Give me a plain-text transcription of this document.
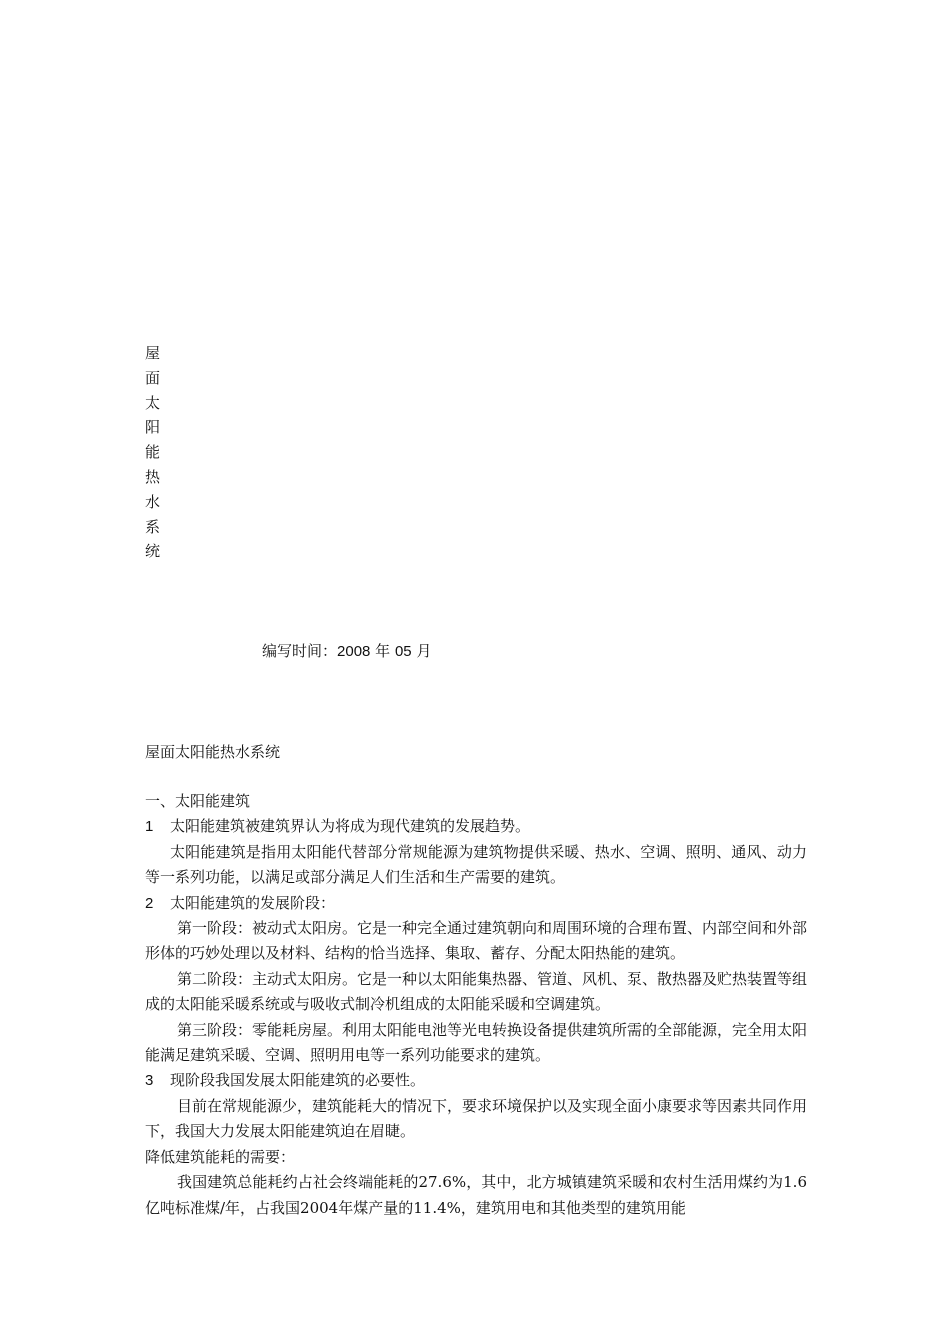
屋
面
太
阳
能
热
水
系
统
编写时间：2008 年 05 月
屋面太阳能热水系统

一、太阳能建筑

1 太阳能建筑被建筑界认为将成为现代建筑的发展趋势。

太阳能建筑是指用太阳能代替部分常规能源为建筑物提供采暖、热水、空调、照明、通风、动力等一系列功能，以满足或部分满足人们生活和生产需要的建筑。

2 太阳能建筑的发展阶段：

第一阶段：被动式太阳房。它是一种完全通过建筑朝向和周围环境的合理布置、内部空间和外部形体的巧妙处理以及材料、结构的恰当选择、集取、蓄存、分配太阳热能的建筑。

第二阶段：主动式太阳房。它是一种以太阳能集热器、管道、风机、泵、散热器及贮热装置等组成的太阳能采暖系统或与吸收式制冷机组成的太阳能采暖和空调建筑。

第三阶段：零能耗房屋。利用太阳能电池等光电转换设备提供建筑所需的全部能源，完全用太阳能满足建筑采暖、空调、照明用电等一系列功能要求的建筑。

3 现阶段我国发展太阳能建筑的必要性。

目前在常规能源少，建筑能耗大的情况下，要求环境保护以及实现全面小康要求等因素共同作用下，我国大力发展太阳能建筑迫在眉睫。

降低建筑能耗的需要：

我国建筑总能耗约占社会终端能耗的27.6%，其中，北方城镇建筑采暖和农村生活用煤约为1.6亿吨标准煤/年，占我国2004年煤产量的11.4%，建筑用电和其他类型的建筑用能
